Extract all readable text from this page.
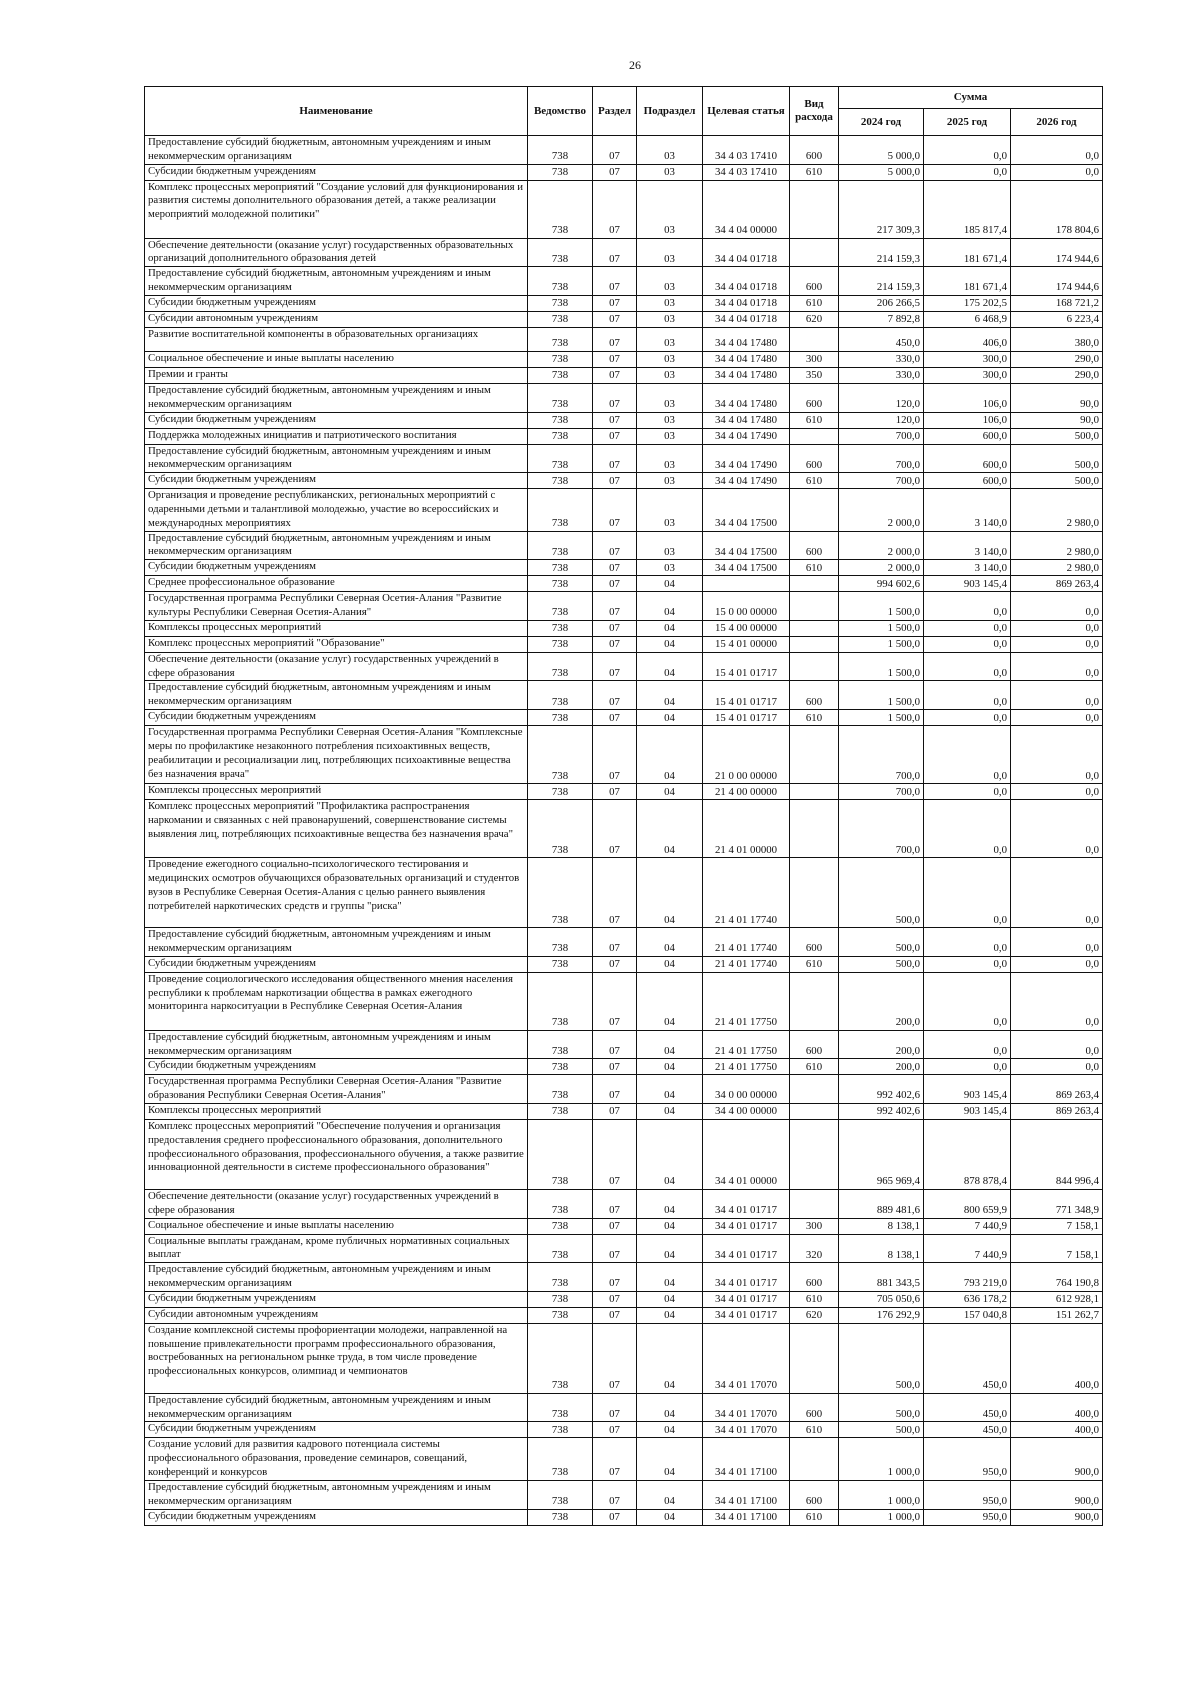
26
Наименование	Ведомство	Раздел	Подраздел	Целевая статья	Вид расхода	Сумма		
						2024 год	2025 год	2026 год
Предоставление субсидий бюджетным, автономным учреждениям и иным некоммерческим организациям	738	07	03	34 4 03 17410	600	5 000,0	0,0	0,0
Субсидии бюджетным учреждениям	738	07	03	34 4 03 17410	610	5 000,0	0,0	0,0
Комплекс процессных мероприятий "Создание условий для функционирования и развития системы дополнительного образования детей, а также реализации мероприятий молодежной политики"	738	07	03	34 4 04 00000		217 309,3	185 817,4	178 804,6
Обеспечение деятельности (оказание услуг) государственных образовательных организаций дополнительного образования детей	738	07	03	34 4 04 01718		214 159,3	181 671,4	174 944,6
Предоставление субсидий бюджетным, автономным учреждениям и иным некоммерческим организациям	738	07	03	34 4 04 01718	600	214 159,3	181 671,4	174 944,6
Субсидии бюджетным учреждениям	738	07	03	34 4 04 01718	610	206 266,5	175 202,5	168 721,2
Субсидии автономным учреждениям	738	07	03	34 4 04 01718	620	7 892,8	6 468,9	6 223,4
Развитие воспитательной компоненты в образовательных организациях	738	07	03	34 4 04 17480		450,0	406,0	380,0
Социальное обеспечение и иные выплаты населению	738	07	03	34 4 04 17480	300	330,0	300,0	290,0
Премии и гранты	738	07	03	34 4 04 17480	350	330,0	300,0	290,0
Предоставление субсидий бюджетным, автономным учреждениям и иным некоммерческим организациям	738	07	03	34 4 04 17480	600	120,0	106,0	90,0
Субсидии бюджетным учреждениям	738	07	03	34 4 04 17480	610	120,0	106,0	90,0
Поддержка молодежных инициатив и патриотического воспитания	738	07	03	34 4 04 17490		700,0	600,0	500,0
Предоставление субсидий бюджетным, автономным учреждениям и иным некоммерческим организациям	738	07	03	34 4 04 17490	600	700,0	600,0	500,0
Субсидии бюджетным учреждениям	738	07	03	34 4 04 17490	610	700,0	600,0	500,0
Организация и проведение республиканских, региональных мероприятий с одаренными детьми и талантливой молодежью, участие во всероссийских и международных мероприятиях	738	07	03	34 4 04 17500		2 000,0	3 140,0	2 980,0
Предоставление субсидий бюджетным, автономным учреждениям и иным некоммерческим организациям	738	07	03	34 4 04 17500	600	2 000,0	3 140,0	2 980,0
Субсидии бюджетным учреждениям	738	07	03	34 4 04 17500	610	2 000,0	3 140,0	2 980,0
Среднее профессиональное образование	738	07	04			994 602,6	903 145,4	869 263,4
Государственная программа Республики Северная Осетия-Алания "Развитие культуры Республики Северная Осетия-Алания"	738	07	04	15 0 00 00000		1 500,0	0,0	0,0
Комплексы процессных мероприятий	738	07	04	15 4 00 00000		1 500,0	0,0	0,0
Комплекс процессных мероприятий "Образование"	738	07	04	15 4 01 00000		1 500,0	0,0	0,0
Обеспечение деятельности (оказание услуг) государственных учреждений в сфере образования	738	07	04	15 4 01 01717		1 500,0	0,0	0,0
Предоставление субсидий бюджетным, автономным учреждениям и иным некоммерческим организациям	738	07	04	15 4 01 01717	600	1 500,0	0,0	0,0
Субсидии бюджетным учреждениям	738	07	04	15 4 01 01717	610	1 500,0	0,0	0,0
Государственная программа Республики Северная Осетия-Алания "Комплексные меры по профилактике незаконного потребления психоактивных веществ, реабилитации и ресоциализации лиц, потребляющих психоактивные вещества без назначения врача"	738	07	04	21 0 00 00000		700,0	0,0	0,0
Комплексы процессных мероприятий	738	07	04	21 4 00 00000		700,0	0,0	0,0
Комплекс процессных мероприятий "Профилактика распространения наркомании и связанных с ней правонарушений, совершенствование системы выявления лиц, потребляющих психоактивные вещества без назначения врача"	738	07	04	21 4 01 00000		700,0	0,0	0,0
Проведение ежегодного социально-психологического тестирования и медицинских осмотров обучающихся образовательных организаций и студентов вузов в Республике Северная Осетия-Алания с целью раннего выявления потребителей наркотических средств и группы "риска"	738	07	04	21 4 01 17740		500,0	0,0	0,0
Предоставление субсидий бюджетным, автономным учреждениям и иным некоммерческим организациям	738	07	04	21 4 01 17740	600	500,0	0,0	0,0
Субсидии бюджетным учреждениям	738	07	04	21 4 01 17740	610	500,0	0,0	0,0
Проведение социологического исследования общественного мнения населения республики к проблемам наркотизации общества в рамках ежегодного мониторинга наркоситуации в Республике Северная Осетия-Алания	738	07	04	21 4 01 17750		200,0	0,0	0,0
Предоставление субсидий бюджетным, автономным учреждениям и иным некоммерческим организациям	738	07	04	21 4 01 17750	600	200,0	0,0	0,0
Субсидии бюджетным учреждениям	738	07	04	21 4 01 17750	610	200,0	0,0	0,0
Государственная программа Республики Северная Осетия-Алания "Развитие образования Республики Северная Осетия-Алания"	738	07	04	34 0 00 00000		992 402,6	903 145,4	869 263,4
Комплексы процессных мероприятий	738	07	04	34 4 00 00000		992 402,6	903 145,4	869 263,4
Комплекс процессных мероприятий "Обеспечение получения и организация предоставления среднего профессионального образования, дополнительного профессионального образования, профессионального обучения, а также развитие инновационной деятельности в системе профессионального образования"	738	07	04	34 4 01 00000		965 969,4	878 878,4	844 996,4
Обеспечение деятельности (оказание услуг) государственных учреждений в сфере образования	738	07	04	34 4 01 01717		889 481,6	800 659,9	771 348,9
Социальное обеспечение и иные выплаты населению	738	07	04	34 4 01 01717	300	8 138,1	7 440,9	7 158,1
Социальные выплаты гражданам, кроме публичных нормативных социальных выплат	738	07	04	34 4 01 01717	320	8 138,1	7 440,9	7 158,1
Предоставление субсидий бюджетным, автономным учреждениям и иным некоммерческим организациям	738	07	04	34 4 01 01717	600	881 343,5	793 219,0	764 190,8
Субсидии бюджетным учреждениям	738	07	04	34 4 01 01717	610	705 050,6	636 178,2	612 928,1
Субсидии автономным учреждениям	738	07	04	34 4 01 01717	620	176 292,9	157 040,8	151 262,7
Создание комплексной системы профориентации молодежи, направленной на повышение привлекательности программ профессионального образования, востребованных на региональном рынке труда, в том числе проведение профессиональных конкурсов, олимпиад и чемпионатов	738	07	04	34 4 01 17070		500,0	450,0	400,0
Предоставление субсидий бюджетным, автономным учреждениям и иным некоммерческим организациям	738	07	04	34 4 01 17070	600	500,0	450,0	400,0
Субсидии бюджетным учреждениям	738	07	04	34 4 01 17070	610	500,0	450,0	400,0
Создание условий для развития кадрового потенциала системы профессионального образования, проведение семинаров, совещаний, конференций и конкурсов	738	07	04	34 4 01 17100		1 000,0	950,0	900,0
Предоставление субсидий бюджетным, автономным учреждениям и иным некоммерческим организациям	738	07	04	34 4 01 17100	600	1 000,0	950,0	900,0
Субсидии бюджетным учреждениям	738	07	04	34 4 01 17100	610	1 000,0	950,0	900,0
